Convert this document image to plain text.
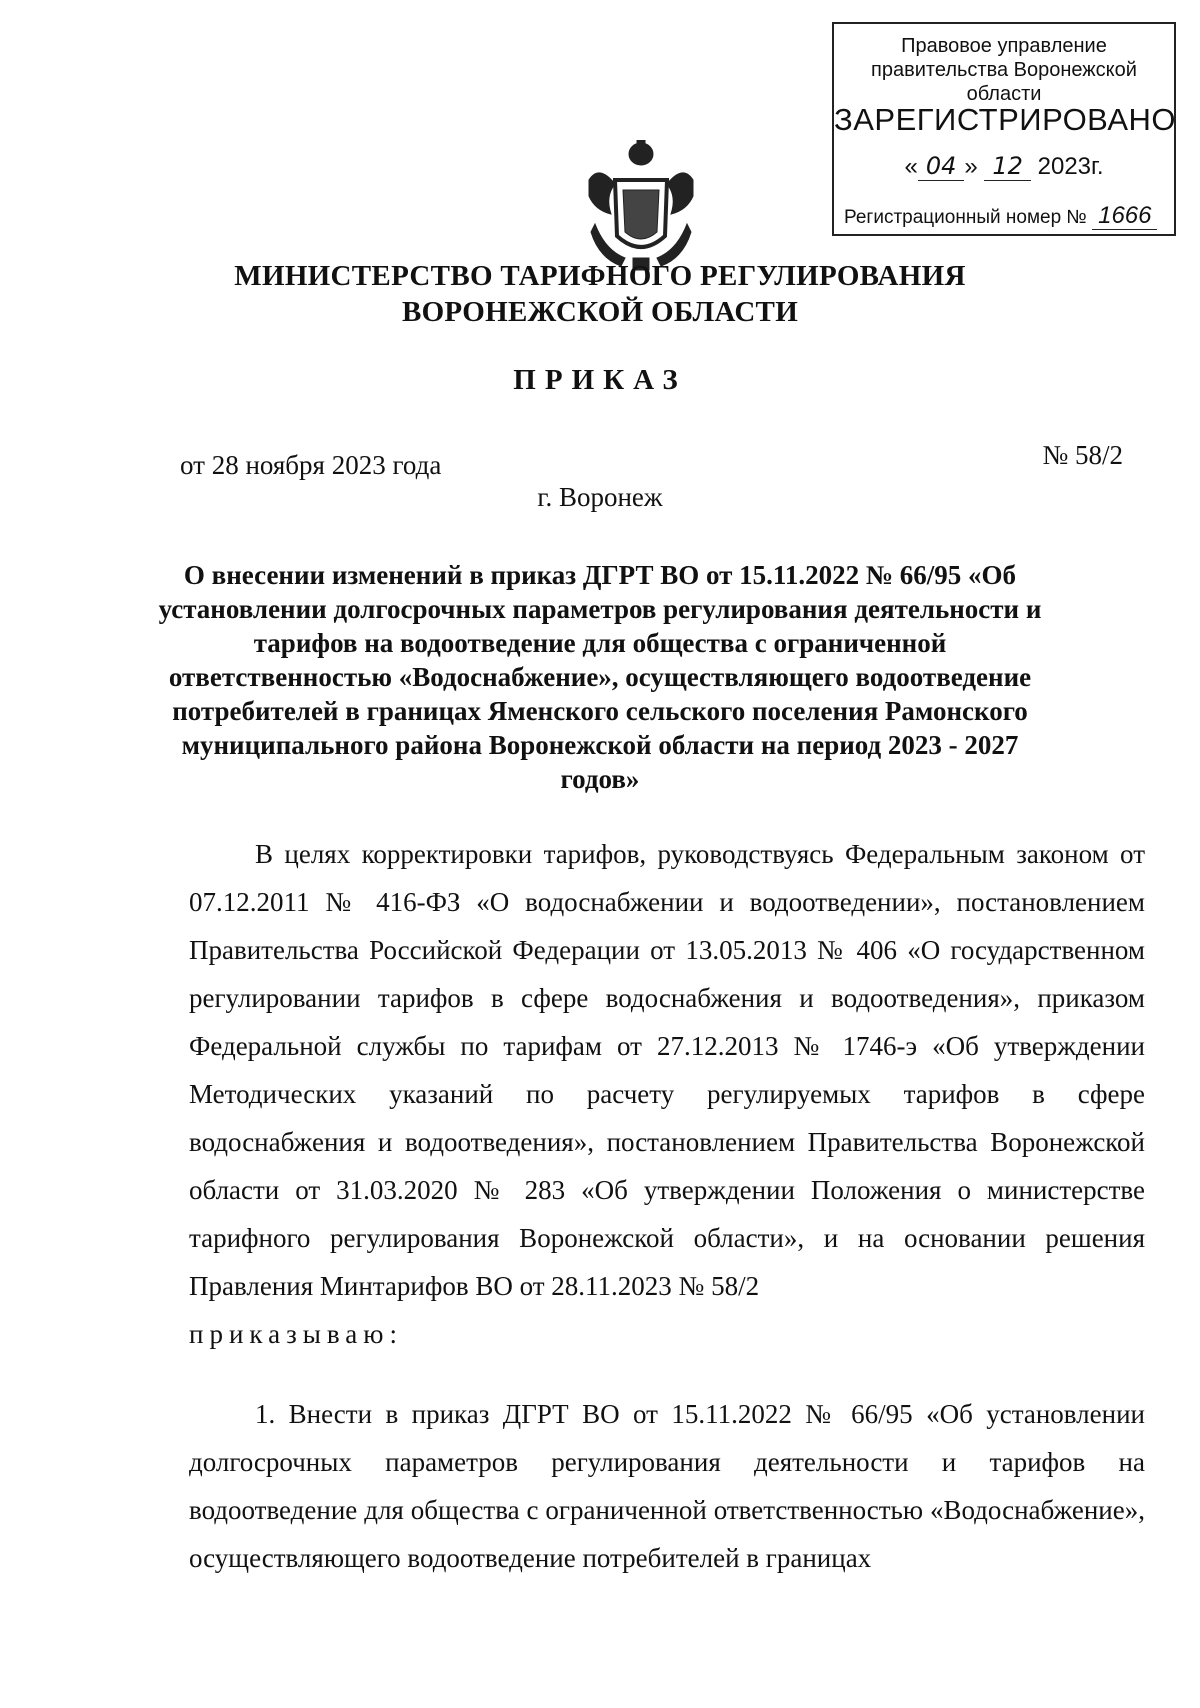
Правовое управление правительства Воронежской области
ЗАРЕГИСТРИРОВАНО
« 04 » 12 2023г.
Регистрационный номер № 1666
МИНИСТЕРСТВО ТАРИФНОГО РЕГУЛИРОВАНИЯ
ВОРОНЕЖСКОЙ ОБЛАСТИ
ПРИКАЗ
от 28 ноября 2023 года	№ 58/2
г. Воронеж
О внесении изменений в приказ ДГРТ ВО от 15.11.2022 № 66/95 «Об установлении долгосрочных параметров регулирования деятельности и тарифов на водоотведение для общества с ограниченной ответственностью «Водоснабжение», осуществляющего водоотведение потребителей в границах Яменского сельского поселения Рамонского муниципального района Воронежской области на период 2023 - 2027 годов»
В целях корректировки тарифов, руководствуясь Федеральным законом от 07.12.2011 № 416-ФЗ «О водоснабжении и водоотведении», постановлением Правительства Российской Федерации от 13.05.2013 № 406 «О государственном регулировании тарифов в сфере водоснабжения и водоотведения», приказом Федеральной службы по тарифам от 27.12.2013 № 1746-э «Об утверждении Методических указаний по расчету регулируемых тарифов в сфере водоснабжения и водоотведения», постановлением Правительства Воронежской области от 31.03.2020 № 283 «Об утверждении Положения о министерстве тарифного регулирования Воронежской области», и на основании решения Правления Минтарифов ВО от 28.11.2023 № 58/2
приказываю:
1. Внести в приказ ДГРТ ВО от 15.11.2022 № 66/95 «Об установлении долгосрочных параметров регулирования деятельности и тарифов на водоотведение для общества с ограниченной ответственностью «Водоснабжение», осуществляющего водоотведение потребителей в границах
